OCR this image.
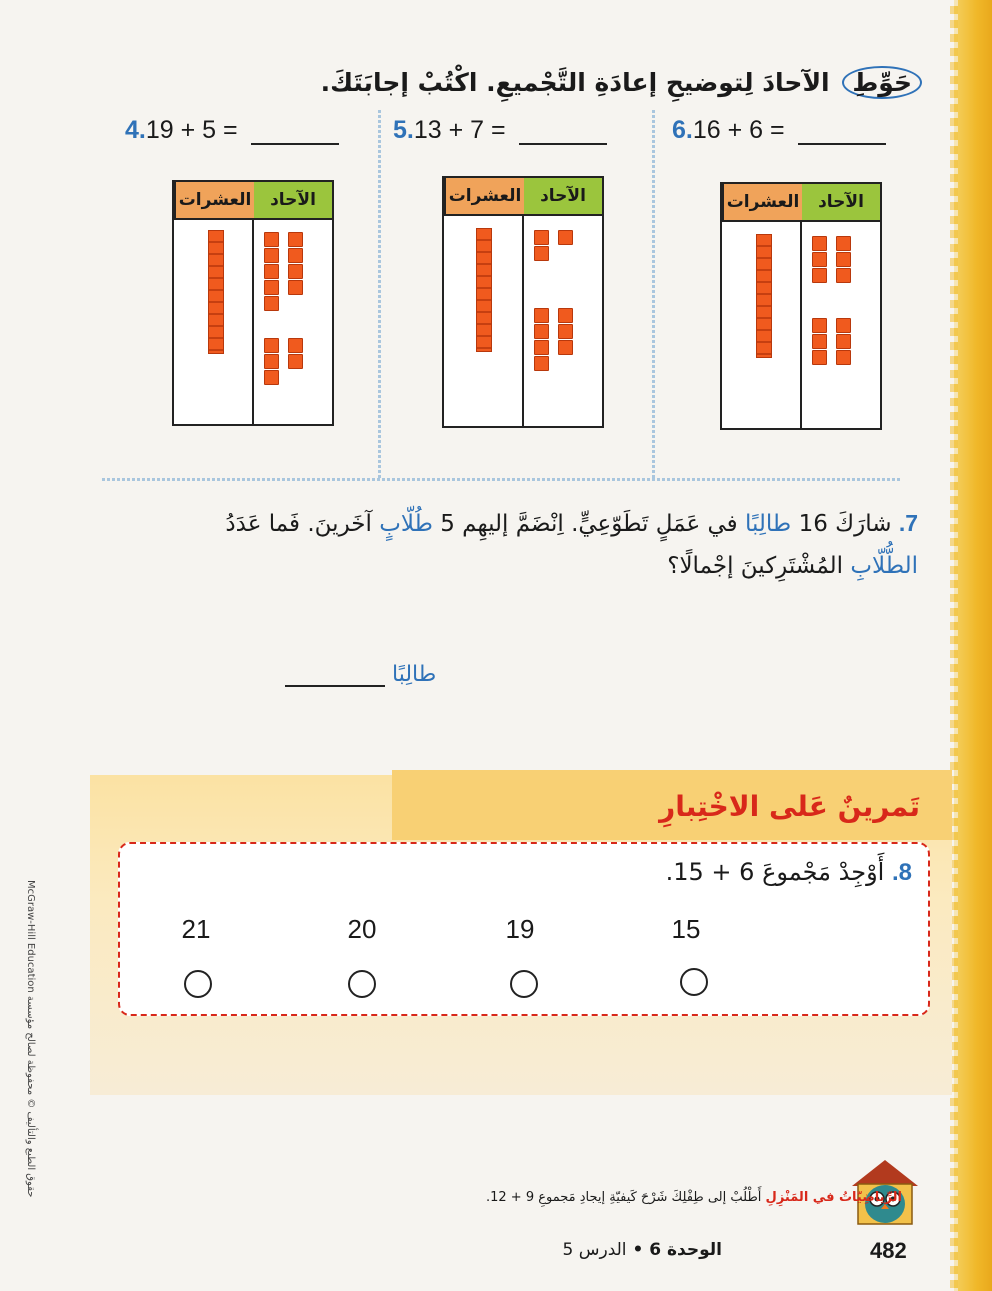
حَوِّطِ الآحادَ لِتوضيحِ إعادَةِ التَّجْميعِ. اكْتُبْ إجابَتَكَ.
4.19 + 5 =	5.13 + 7 =	6.16 + 6 =
العشرات	الآحاد	العشرات	الآحاد	العشرات	الآحاد
7. شارَكَ 16 طالِبًا في عَمَلٍ تَطَوّعِيٍّ. اِنْضَمَّ إليهِم 5 طُلّابٍ آخَرينَ. فَما عَدَدُ الطُّلّابِ المُشْتَرِكينَ إجْمالًا؟
طالِبًا
تَمرينٌ عَلى الاخْتِبارِ
8. أَوْجِدْ مَجْموعَ 6 + 15.
21	20	19	15
McGraw-Hill Education حقوق الطبع والتأليف © محفوظة لصالح مؤسسة
الرِّياضِيّاتُ في المَنْزِلِ أَطْلُبْ إلى طِفْلِكَ شَرْحَ كَيفيّةِ إيجادِ مَجموعِ 9 + 12.
الوحدة 6 • الدرس 5	482
